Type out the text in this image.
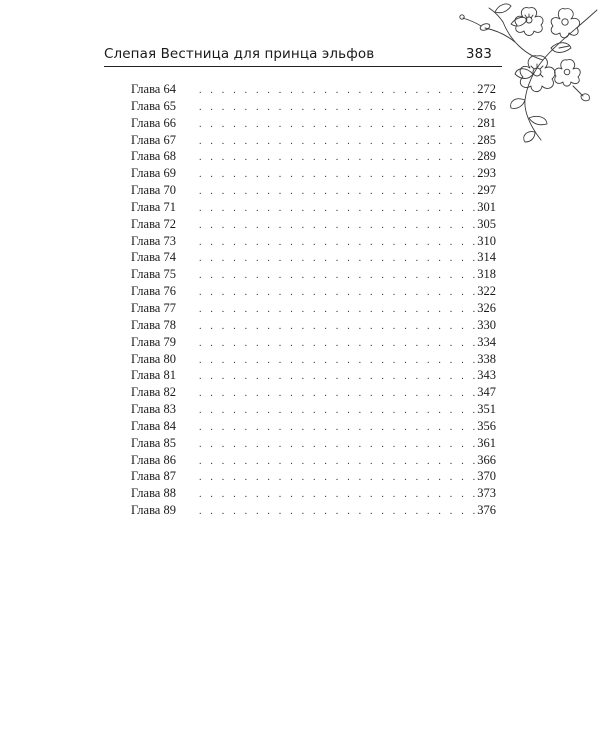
Слепая Вестница для принца эльфов	383
Глава 64 . . .	272
Глава 65 . . .	276
Глава 66 . . .	281
Глава 67 . . .	285
Глава 68 . . .	289
Глава 69 . . .	293
Глава 70 . . .	297
Глава 71 . . .	301
Глава 72 . . .	305
Глава 73 . . .	310
Глава 74 . . .	314
Глава 75 . . .	318
Глава 76 . . .	322
Глава 77 . . .	326
Глава 78 . . .	330
Глава 79 . . .	334
Глава 80 . . .	338
Глава 81 . . .	343
Глава 82 . . .	347
Глава 83 . . .	351
Глава 84 . . .	356
Глава 85 . . .	361
Глава 86 . . .	366
Глава 87 . . .	370
Глава 88 . . .	373
Глава 89 . . .	376
